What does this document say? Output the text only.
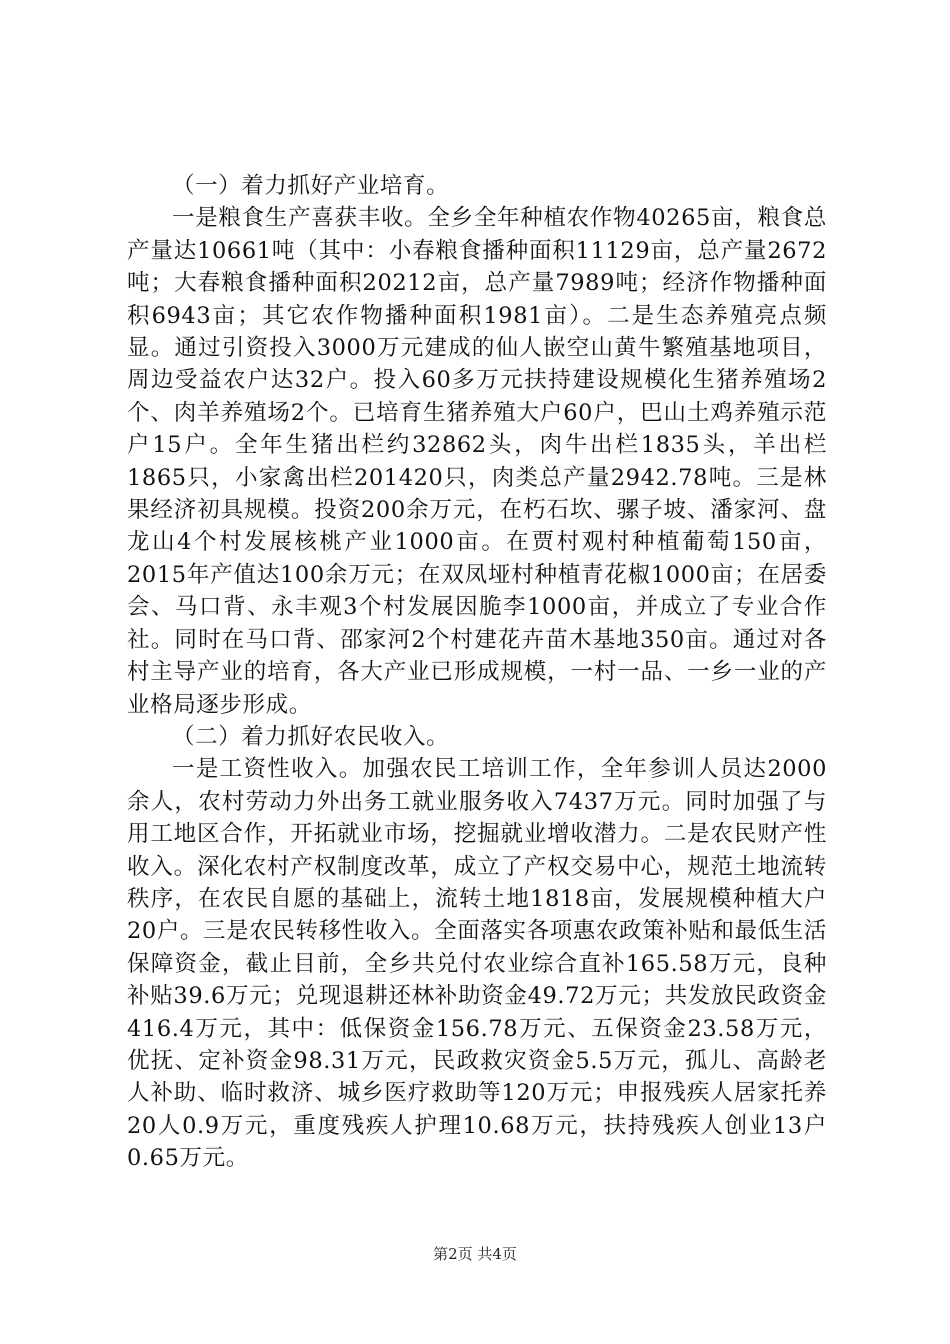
（一）着力抓好产业培育。

一是粮食生产喜获丰收。全乡全年种植农作物40265亩，粮食总产量达10661吨（其中：小春粮食播种面积11129亩，总产量2672吨；大春粮食播种面积20212亩，总产量7989吨；经济作物播种面积6943亩；其它农作物播种面积1981亩）。二是生态养殖亮点频显。通过引资投入3000万元建成的仙人嵌空山黄牛繁殖基地项目，周边受益农户达32户。投入60多万元扶持建设规模化生猪养殖场2个、肉羊养殖场2个。已培育生猪养殖大户60户，巴山土鸡养殖示范户15户。全年生猪出栏约32862头，肉牛出栏1835头，羊出栏1865只，小家禽出栏201420只，肉类总产量2942.78吨。三是林果经济初具规模。投资200余万元，在朽石坎、骡子坡、潘家河、盘龙山4个村发展核桃产业1000亩。在贾村观村种植葡萄150亩，2015年产值达100余万元；在双凤垭村种植青花椒1000亩；在居委会、马口背、永丰观3个村发展因脆李1000亩，并成立了专业合作社。同时在马口背、邵家河2个村建花卉苗木基地350亩。通过对各村主导产业的培育，各大产业已形成规模，一村一品、一乡一业的产业格局逐步形成。

（二）着力抓好农民收入。

一是工资性收入。加强农民工培训工作，全年参训人员达2000余人，农村劳动力外出务工就业服务收入7437万元。同时加强了与用工地区合作，开拓就业市场，挖掘就业增收潜力。二是农民财产性收入。深化农村产权制度改革，成立了产权交易中心，规范土地流转秩序，在农民自愿的基础上，流转土地1818亩，发展规模种植大户20户。三是农民转移性收入。全面落实各项惠农政策补贴和最低生活保障资金，截止目前，全乡共兑付农业综合直补165.58万元，良种补贴39.6万元；兑现退耕还林补助资金49.72万元；共发放民政资金416.4万元，其中：低保资金156.78万元、五保资金23.58万元，优抚、定补资金98.31万元，民政救灾资金5.5万元，孤儿、高龄老人补助、临时救济、城乡医疗救助等120万元；申报残疾人居家托养20人0.9万元，重度残疾人护理10.68万元，扶持残疾人创业13户0.65万元。

第2页 共4页
